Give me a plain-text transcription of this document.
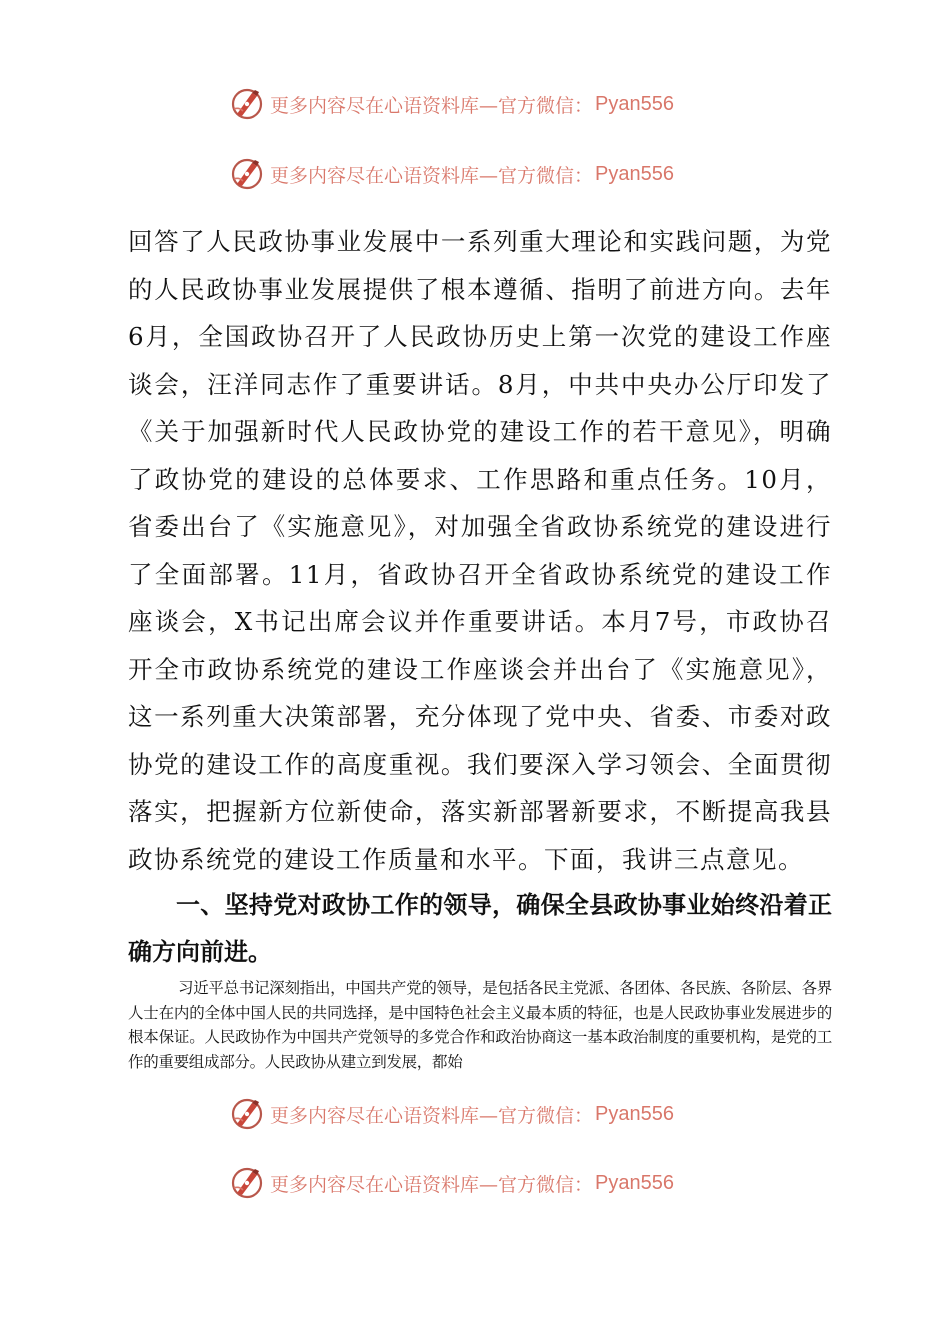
更多内容尽在心语资料库—官方微信： Pyan556
更多内容尽在心语资料库—官方微信： Pyan556

回答了人民政协事业发展中一系列重大理论和实践问题，为党的人民政协事业发展提供了根本遵循、指明了前进方向。去年6月，全国政协召开了人民政协历史上第一次党的建设工作座谈会，汪洋同志作了重要讲话。8月，中共中央办公厅印发了《关于加强新时代人民政协党的建设工作的若干意见》，明确了政协党的建设的总体要求、工作思路和重点任务。10月，省委出台了《实施意见》，对加强全省政协系统党的建设进行了全面部署。11月，省政协召开全省政协系统党的建设工作座谈会，X书记出席会议并作重要讲话。本月7号，市政协召开全市政协系统党的建设工作座谈会并出台了《实施意见》，这一系列重大决策部署，充分体现了党中央、省委、市委对政协党的建设工作的高度重视。我们要深入学习领会、全面贯彻落实，把握新方位新使命，落实新部署新要求，不断提高我县政协系统党的建设工作质量和水平。下面，我讲三点意见。

一、坚持党对政协工作的领导，确保全县政协事业始终沿着正确方向前进。

习近平总书记深刻指出，中国共产党的领导，是包括各民主党派、各团体、各民族、各阶层、各界人士在内的全体中国人民的共同选择，是中国特色社会主义最本质的特征，也是人民政协事业发展进步的根本保证。人民政协作为中国共产党领导的多党合作和政治协商这一基本政治制度的重要机构，是党的工作的重要组成部分。人民政协从建立到发展，都始

更多内容尽在心语资料库—官方微信： Pyan556
更多内容尽在心语资料库—官方微信： Pyan556
